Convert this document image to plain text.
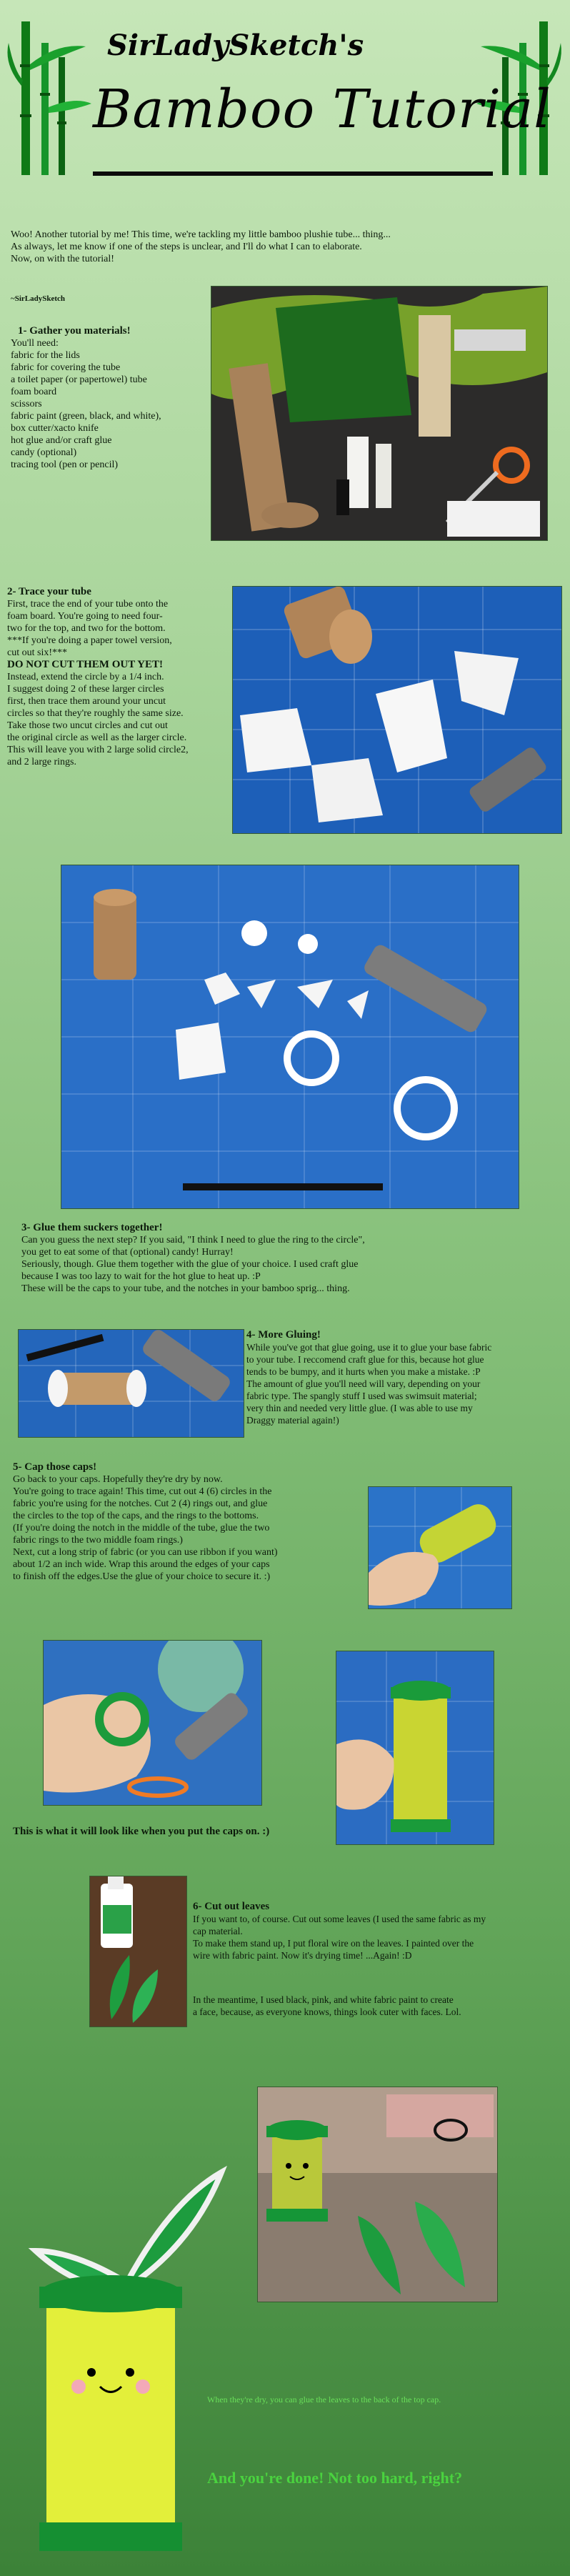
SirLadySketch's
Bamboo Tutorial
Woo! Another tutorial by me! This time, we're tackling my little bamboo plushie tube... thing...
As always, let me know if one of the steps is unclear, and I'll do what I can to elaborate.
Now, on with the tutorial!
~SirLadySketch
1- Gather you materials!
You'll need:
fabric for the lids
fabric for covering the tube
a toilet paper (or papertowel) tube
foam board
scissors
fabric paint (green, black, and white),
box cutter/xacto knife
hot glue and/or craft glue
candy (optional)
tracing tool (pen or pencil)
2- Trace your tube
First, trace the end of your tube onto the
foam board. You're going to need four-
two for the top, and two for the bottom.
***If you're doing a paper towel version,
cut out six!***
DO NOT CUT THEM OUT YET!
Instead, extend the circle by a 1/4 inch.
I suggest doing 2 of these larger circles
first, then trace them around your uncut
circles so that they're roughly the same size.
Take those two uncut circles and cut out
the original circle as well as the larger circle.
This will leave you with 2 large solid circle2,
and 2 large rings.
3- Glue them suckers together!
Can you guess the next step? If you said, "I think I need to glue the ring to the circle",
you get to eat some of that (optional) candy! Hurray!
Seriously, though. Glue them together with the glue of your choice. I used craft glue
because I was too lazy to wait for the hot glue to heat up. :P
These will be the caps to your tube, and the notches in your bamboo sprig... thing.
4- More Gluing!
While you've got that glue going, use it to glue your base fabric
to your tube. I reccomend craft glue for this, because hot glue
tends to be bumpy, and it hurts when you make a mistake. :P
The amount of glue you'll need will vary, depending on your
fabric type. The spangly stuff I used was swimsuit material;
very thin and needed very little glue. (I was able to use my
Draggy material again!)
5- Cap those caps!
Go back to your caps. Hopefully they're dry by now.
You're going to trace again! This time, cut out 4 (6) circles in the
fabric you're using for the notches. Cut 2 (4) rings out, and glue
the circles to the top of the caps, and the rings to the bottoms.
(If you're doing the notch in the middle of the tube, glue the two
fabric rings to the two middle foam rings.)
Next, cut a long strip of fabric (or you can use ribbon if you want)
about 1/2 an inch wide. Wrap this around the edges of your caps
to finish off the edges.Use the glue of your choice to secure it. :)
This is what it will look like when you put the caps on. :)
6- Cut out leaves
If you want to, of course. Cut out some leaves (I used the same fabric as my
cap material.
To make them stand up, I put floral wire on the leaves. I painted over the
wire with fabric paint. Now it's drying time! ...Again! :D
In the meantime, I used black, pink, and white fabric paint to create
a face, because, as everyone knows, things look cuter with faces. Lol.
When they're dry, you can glue the leaves to the back of the top cap.
And you're done! Not too hard, right?
